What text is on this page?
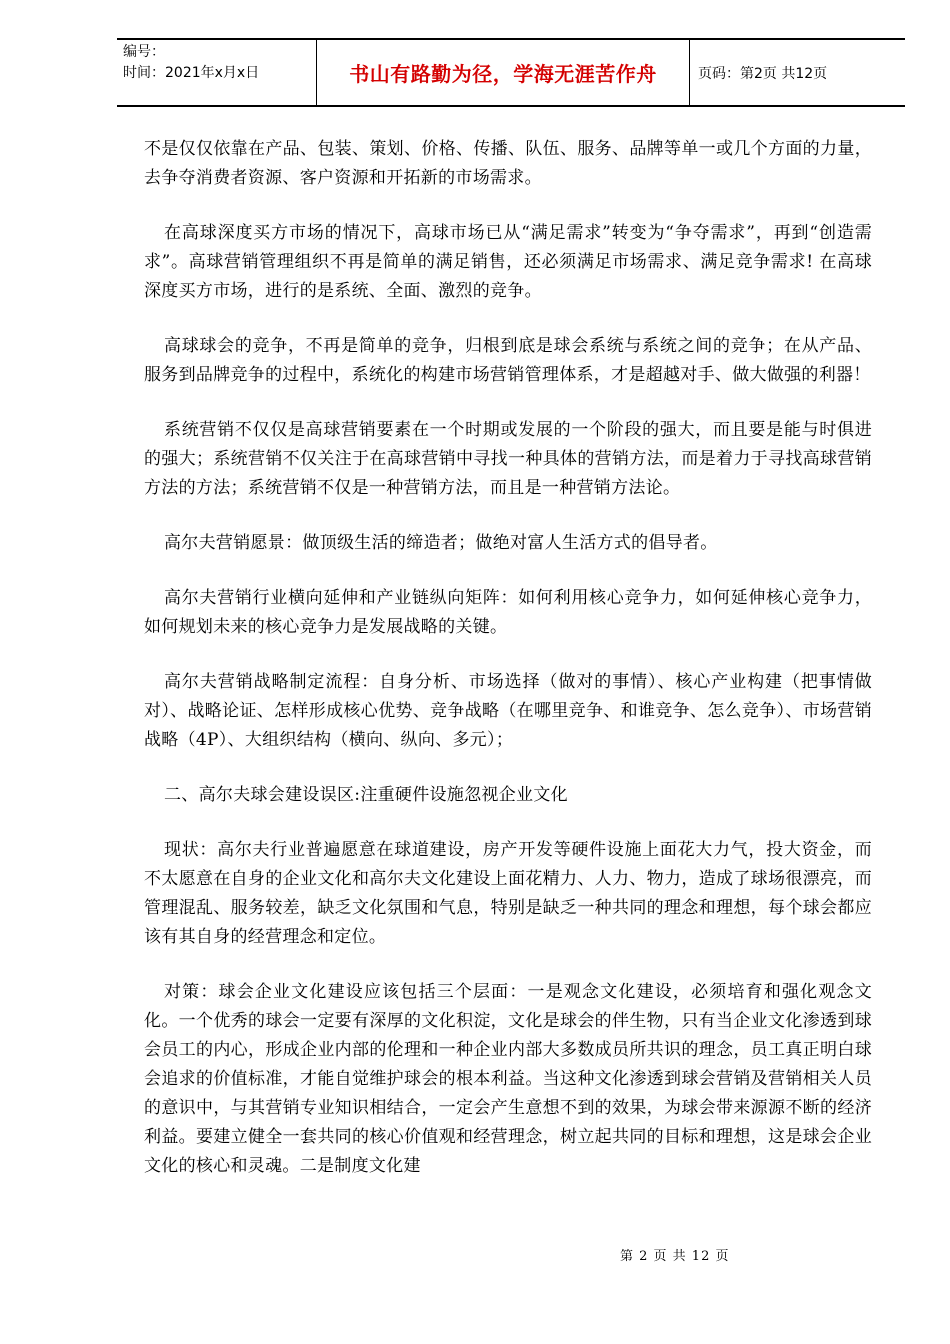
编号：
时间：2021年x月x日	书山有路勤为径，学海无涯苦作舟	页码：第2页 共12页

不是仅仅依靠在产品、包装、策划、价格、传播、队伍、服务、品牌等单一或几个方面的力量，去争夺消费者资源、客户资源和开拓新的市场需求。

在高球深度买方市场的情况下，高球市场已从“满足需求”转变为“争夺需求”，再到“创造需求”。高球营销管理组织不再是简单的满足销售，还必须满足市场需求、满足竞争需求! 在高球深度买方市场，进行的是系统、全面、激烈的竞争。

高球球会的竞争，不再是简单的竞争，归根到底是球会系统与系统之间的竞争；在从产品、服务到品牌竞争的过程中，系统化的构建市场营销管理体系，才是超越对手、做大做强的利器！

系统营销不仅仅是高球营销要素在一个时期或发展的一个阶段的强大，而且要是能与时俱进的强大；系统营销不仅关注于在高球营销中寻找一种具体的营销方法，而是着力于寻找高球营销方法的方法；系统营销不仅是一种营销方法，而且是一种营销方法论。

高尔夫营销愿景：做顶级生活的缔造者；做绝对富人生活方式的倡导者。

高尔夫营销行业横向延伸和产业链纵向矩阵：如何利用核心竞争力，如何延伸核心竞争力，如何规划未来的核心竞争力是发展战略的关键。

高尔夫营销战略制定流程：自身分析、市场选择（做对的事情）、核心产业构建（把事情做对）、战略论证、怎样形成核心优势、竞争战略（在哪里竞争、和谁竞争、怎么竞争）、市场营销战略（4P）、大组织结构（横向、纵向、多元）；

二、高尔夫球会建设误区:注重硬件设施忽视企业文化

现状：高尔夫行业普遍愿意在球道建设，房产开发等硬件设施上面花大力气，投大资金，而不太愿意在自身的企业文化和高尔夫文化建设上面花精力、人力、物力，造成了球场很漂亮，而管理混乱、服务较差，缺乏文化氛围和气息，特别是缺乏一种共同的理念和理想，每个球会都应该有其自身的经营理念和定位。

对策：球会企业文化建设应该包括三个层面：一是观念文化建设，必须培育和强化观念文化。一个优秀的球会一定要有深厚的文化积淀，文化是球会的伴生物，只有当企业文化渗透到球会员工的内心，形成企业内部的伦理和一种企业内部大多数成员所共识的理念，员工真正明白球会追求的价值标准，才能自觉维护球会的根本利益。当这种文化渗透到球会营销及营销相关人员的意识中，与其营销专业知识相结合，一定会产生意想不到的效果，为球会带来源源不断的经济利益。要建立健全一套共同的核心价值观和经营理念，树立起共同的目标和理想，这是球会企业文化的核心和灵魂。二是制度文化建

第 2 页 共 12 页
